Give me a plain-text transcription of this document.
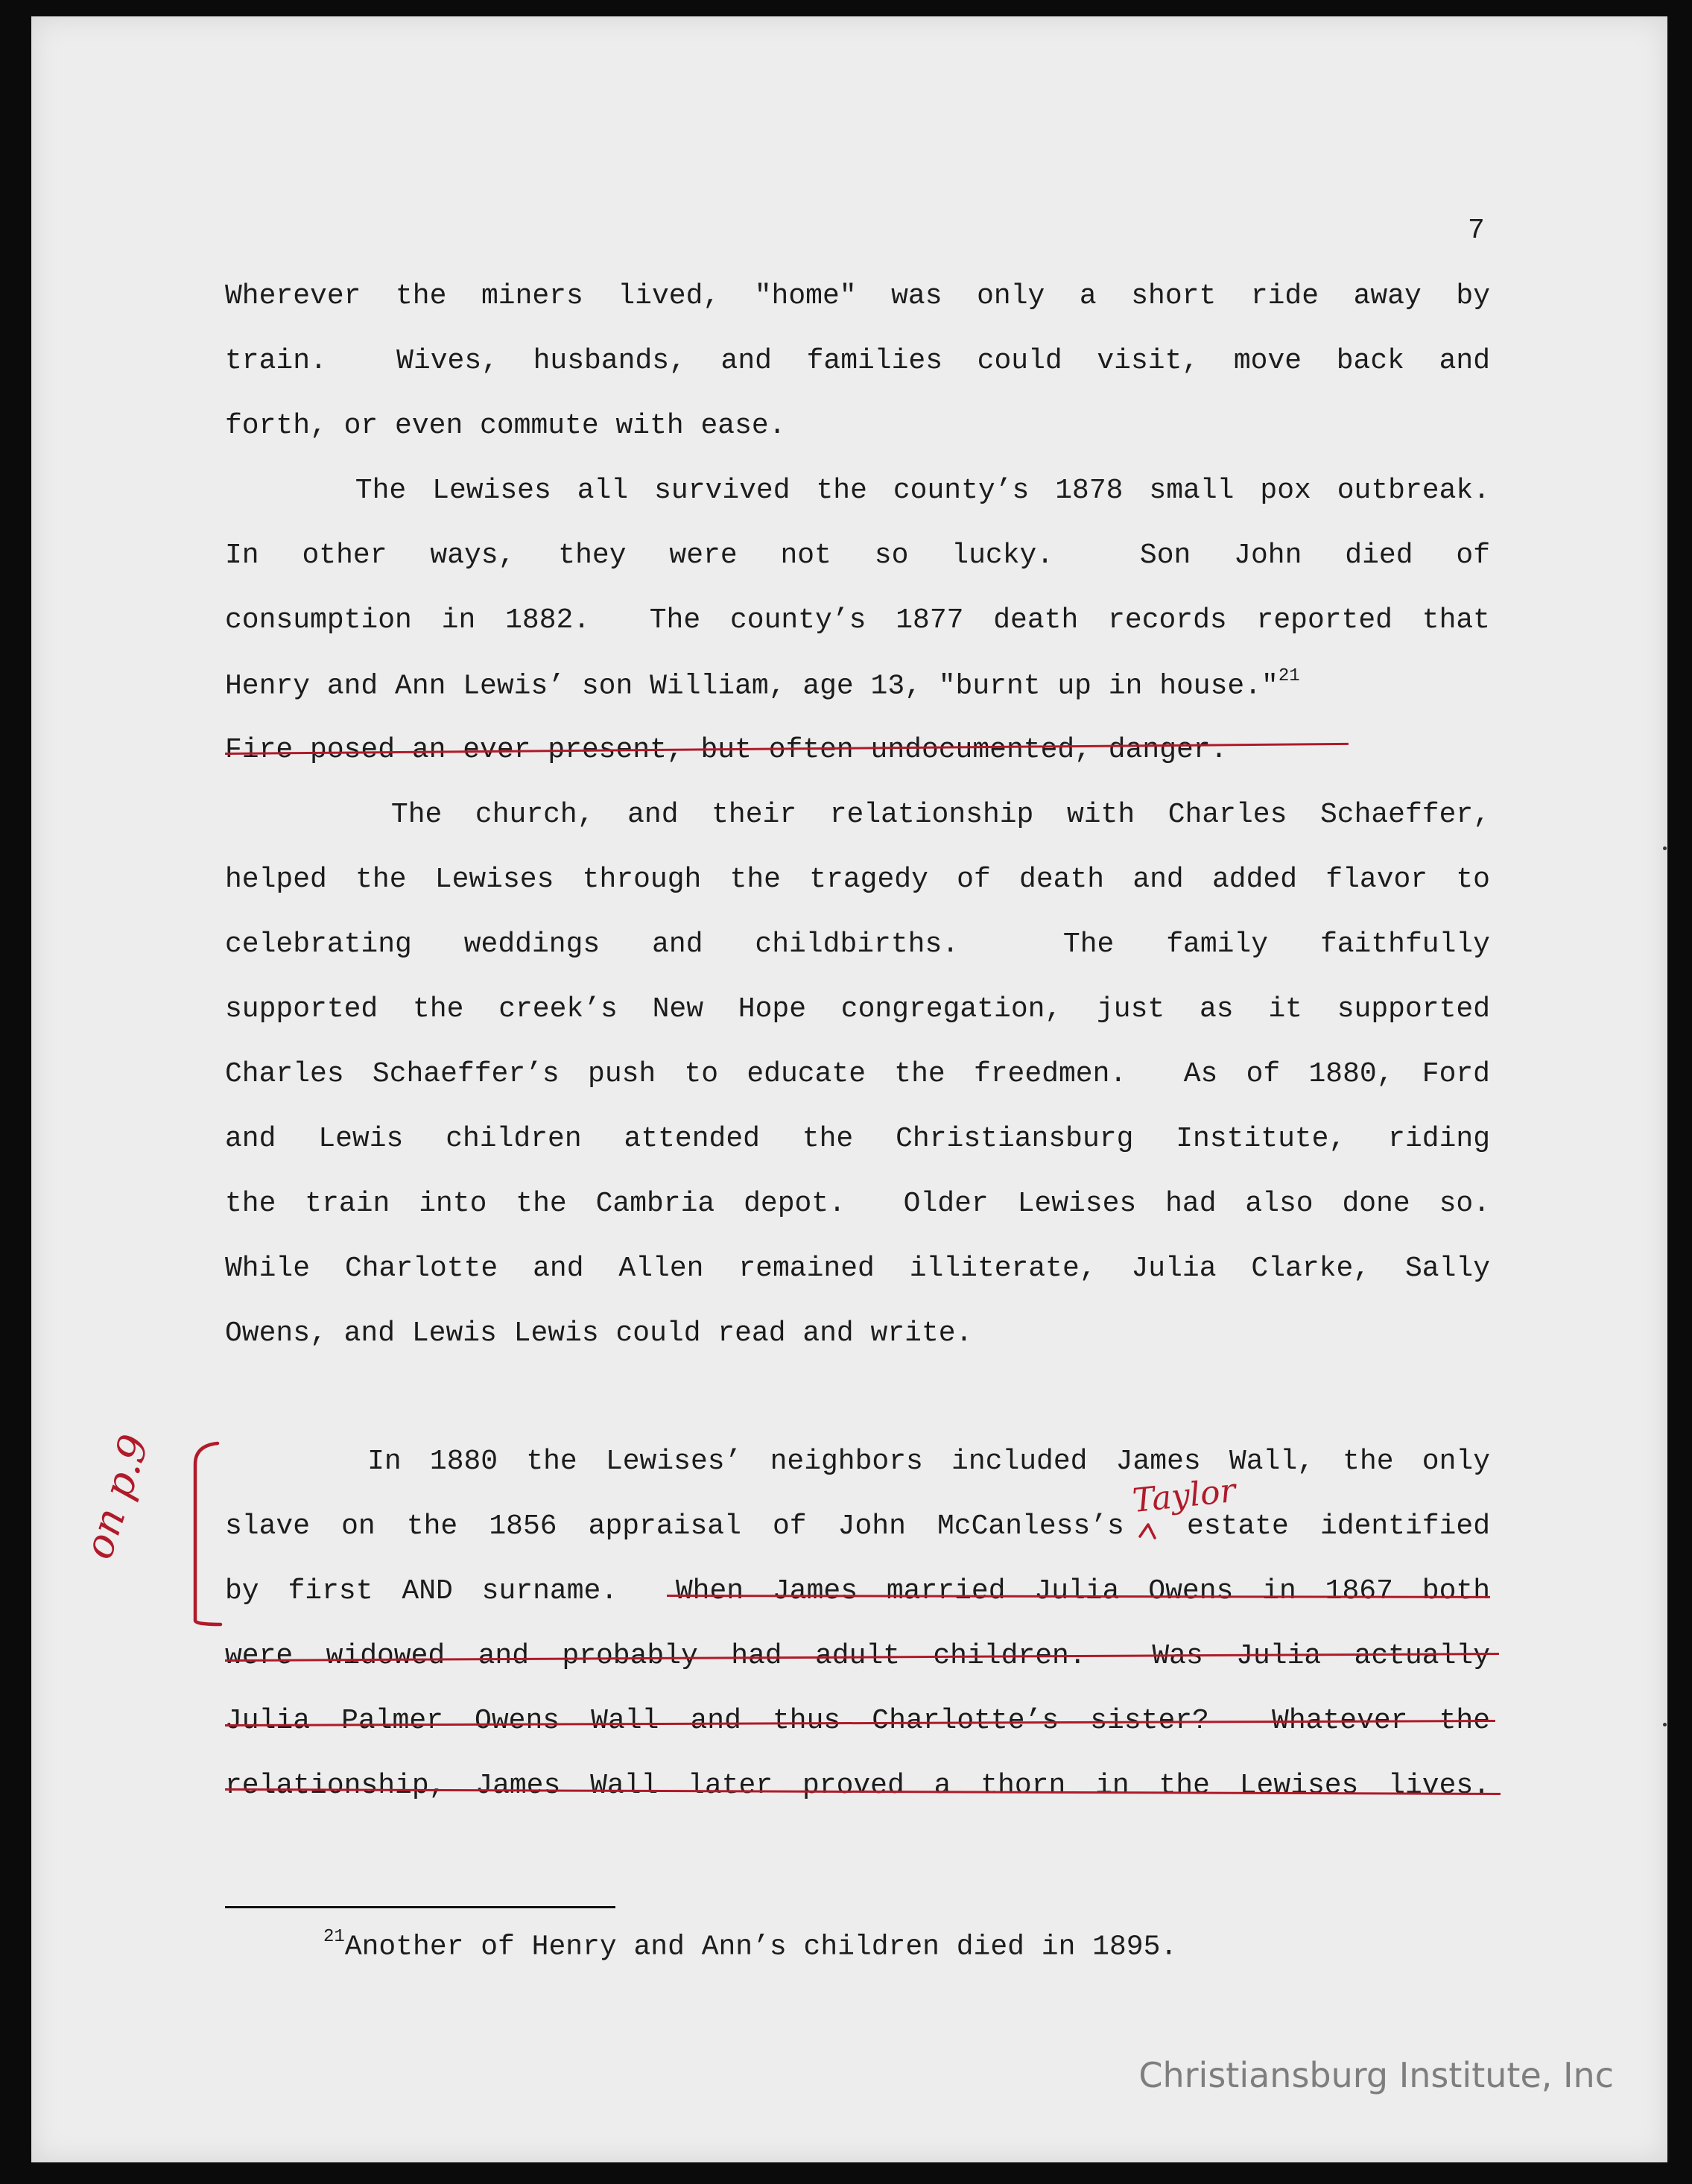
7
Wherever the miners lived, "home" was only a short ride away by
train.  Wives, husbands, and families could visit, move back and
forth, or even commute with ease.
The Lewises all survived the county’s 1878 small pox outbreak.
In other ways, they were not so lucky.  Son John died of
consumption in 1882.  The county’s 1877 death records reported that
Henry and Ann Lewis’ son William, age 13, "burnt up in house."$^{21}$
Fire posed an ever present, but often undocumented, danger.
The church, and their relationship with Charles Schaeffer,
helped the Lewises through the tragedy of death and added flavor to
celebrating weddings and childbirths.  The family faithfully
supported the creek’s New Hope congregation, just as it supported
Charles Schaeffer’s push to educate the freedmen.  As of 1880, Ford
and Lewis children attended the Christiansburg Institute, riding
the train into the Cambria depot.  Older Lewises had also done so.
While Charlotte and Allen remained illiterate, Julia Clarke, Sally
Owens, and Lewis Lewis could read and write.
In 1880 the Lewises’ neighbors included James Wall, the only
slave on the 1856 appraisal of John McCanless’s  estate identified
by first AND surname.  When James married Julia Owens in 1867 both
were widowed and probably had adult children.  Was Julia actually
Julia Palmer Owens Wall and thus Charlotte’s sister?  Whatever the
relationship, James Wall later proved a thorn in the Lewises lives.
Taylor
on p.9
$^{21}$Another of Henry and Ann’s children died in 1895.
Christiansburg Institute, Inc
